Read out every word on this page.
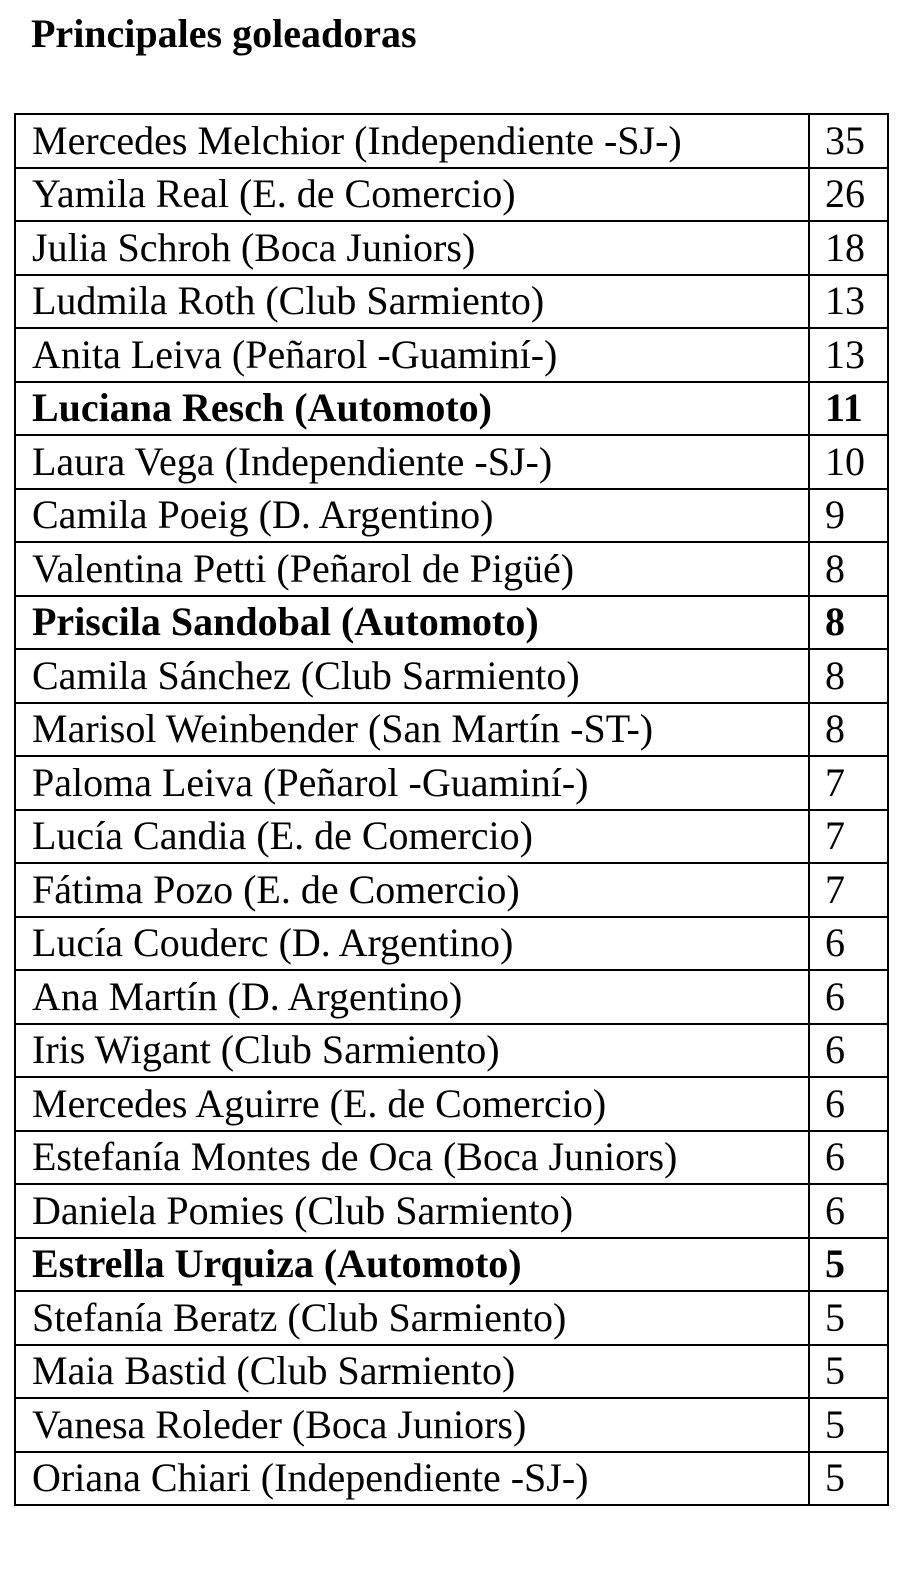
Principales goleadoras
Mercedes Melchior (Independiente -SJ-)	35
Yamila Real (E. de Comercio)	26
Julia Schroh (Boca Juniors)	18
Ludmila Roth (Club Sarmiento)	13
Anita Leiva (Peñarol -Guaminí-)	13
Luciana Resch (Automoto)	11
Laura Vega (Independiente -SJ-)	10
Camila Poeig (D. Argentino)	9
Valentina Petti (Peñarol de Pigüé)	8
Priscila Sandobal (Automoto)	8
Camila Sánchez (Club Sarmiento)	8
Marisol Weinbender (San Martín -ST-)	8
Paloma Leiva (Peñarol -Guaminí-)	7
Lucía Candia (E. de Comercio)	7
Fátima Pozo (E. de Comercio)	7
Lucía Couderc (D. Argentino)	6
Ana Martín (D. Argentino)	6
Iris Wigant (Club Sarmiento)	6
Mercedes Aguirre (E. de Comercio)	6
Estefanía Montes de Oca (Boca Juniors)	6
Daniela Pomies (Club Sarmiento)	6
Estrella Urquiza (Automoto)	5
Stefanía Beratz (Club Sarmiento)	5
Maia Bastid (Club Sarmiento)	5
Vanesa Roleder (Boca Juniors)	5
Oriana Chiari (Independiente -SJ-)	5
